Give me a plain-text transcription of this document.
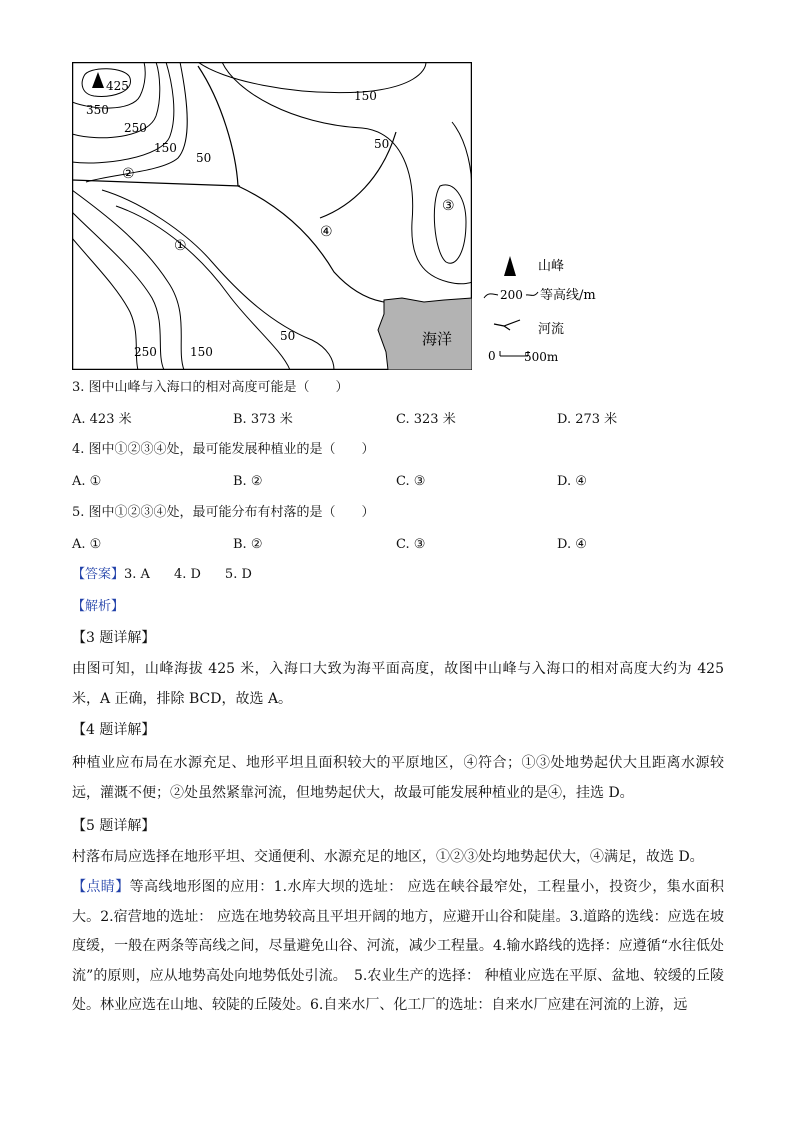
425
350
250
150
50
150
50
50
250	150
②
①
③
④
海洋
山峰
200 等高线/m
河流
0 500m
3. 图中山峰与入海口的相对高度可能是（　　）
A. 423 米	B. 373 米	C. 323 米	D. 273 米
4. 图中①②③④处，最可能发展种植业的是（　　）
A. ①	B. ②	C. ③	D. ④
5. 图中①②③④处，最可能分布有村落的是（　　）
A. ①	B. ②	C. ③	D. ④
【答案】3. A 4. D 5. D
【解析】
【3 题详解】
由图可知，山峰海拔 425 米，入海口大致为海平面高度，故图中山峰与入海口的相对高度大约为 425 米，A 正确，排除 BCD，故选 A。
【4 题详解】
种植业应布局在水源充足、地形平坦且面积较大的平原地区，④符合；①③处地势起伏大且距离水源较远，灌溉不便；②处虽然紧靠河流，但地势起伏大，故最可能发展种植业的是④，挂选 D。
【5 题详解】
村落布局应选择在地形平坦、交通便利、水源充足的地区，①②③处均地势起伏大，④满足，故选 D。
【点睛】等高线地形图的应用：1.水库大坝的选址： 应选在峡谷最窄处，工程量小，投资少，集水面积大。2.宿营地的选址： 应选在地势较高且平坦开阔的地方，应避开山谷和陡崖。3.道路的选线：应选在坡度缓，一般在两条等高线之间，尽量避免山谷、河流，减少工程量。4.输水路线的选择：应遵循“水往低处流”的原则，应从地势高处向地势低处引流。　5.农业生产的选择： 种植业应选在平原、盆地、较缓的丘陵处。林业应选在山地、较陡的丘陵处。6.自来水厂、化工厂的选址：自来水厂应建在河流的上游，远
